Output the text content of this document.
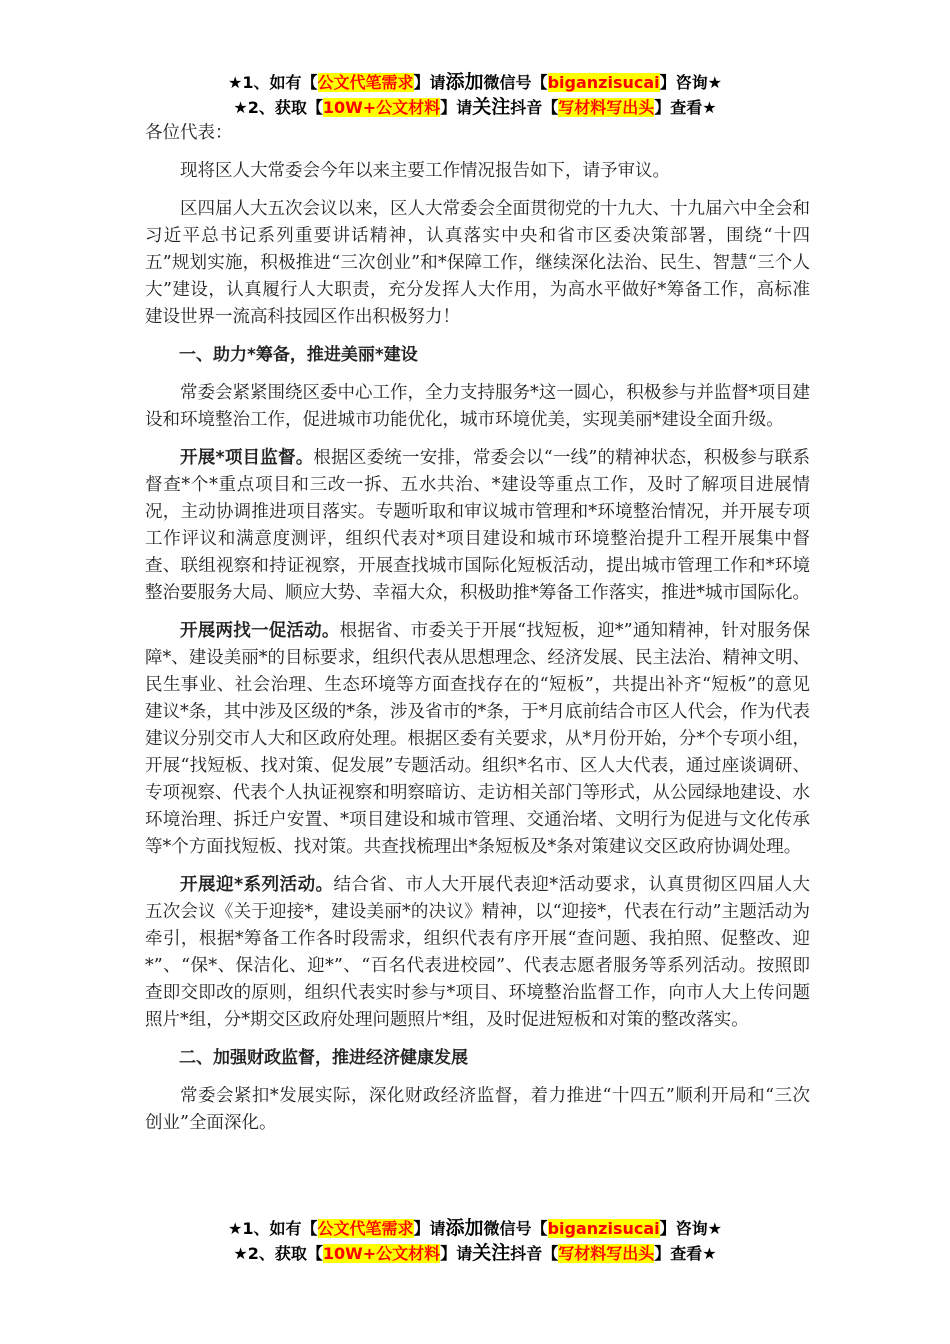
★1、如有【公文代笔需求】请添加微信号【biganzisucai】咨询★
★2、获取【10W+公文材料】请关注抖音【写材料写出头】查看★

各位代表：

现将区人大常委会今年以来主要工作情况报告如下，请予审议。

区四届人大五次会议以来，区人大常委会全面贯彻党的十九大、十九届六中全会和习近平总书记系列重要讲话精神，认真落实中央和省市区委决策部署，围绕“十四五”规划实施，积极推进“三次创业”和*保障工作，继续深化法治、民生、智慧“三个人大”建设，认真履行人大职责，充分发挥人大作用，为高水平做好*筹备工作，高标准建设世界一流高科技园区作出积极努力！

一、助力*筹备，推进美丽*建设

常委会紧紧围绕区委中心工作，全力支持服务*这一圆心，积极参与并监督*项目建设和环境整治工作，促进城市功能优化，城市环境优美，实现美丽*建设全面升级。

开展*项目监督。根据区委统一安排，常委会以“一线”的精神状态，积极参与联系督查*个*重点项目和三改一拆、五水共治、*建设等重点工作，及时了解项目进展情况，主动协调推进项目落实。专题听取和审议城市管理和*环境整治情况，并开展专项工作评议和满意度测评，组织代表对*项目建设和城市环境整治提升工程开展集中督查、联组视察和持证视察，开展查找城市国际化短板活动，提出城市管理工作和*环境整治要服务大局、顺应大势、幸福大众，积极助推*筹备工作落实，推进*城市国际化。

开展两找一促活动。根据省、市委关于开展“找短板，迎*”通知精神，针对服务保障*、建设美丽*的目标要求，组织代表从思想理念、经济发展、民主法治、精神文明、民生事业、社会治理、生态环境等方面查找存在的“短板”，共提出补齐“短板”的意见建议*条，其中涉及区级的*条，涉及省市的*条，于*月底前结合市区人代会，作为代表建议分别交市人大和区政府处理。根据区委有关要求，从*月份开始，分*个专项小组， 开展“找短板、找对策、促发展”专题活动。组织*名市、区人大代表，通过座谈调研、专项视察、代表个人执证视察和明察暗访、走访相关部门等形式，从公园绿地建设、水环境治理、拆迁户安置、*项目建设和城市管理、交通治堵、文明行为促进与文化传承等*个方面找短板、找对策。共查找梳理出*条短板及*条对策建议交区政府协调处理。

开展迎*系列活动。结合省、市人大开展代表迎*活动要求，认真贯彻区四届人大五次会议《关于迎接*，建设美丽*的决议》精神，以“迎接*，代表在行动”主题活动为牵引，根据*筹备工作各时段需求，组织代表有序开展“查问题、我拍照、促整改、迎*”、“保*、保洁化、迎*”、“百名代表进校园”、代表志愿者服务等系列活动。按照即查即交即改的原则，组织代表实时参与*项目、环境整治监督工作，向市人大上传问题照片*组，分*期交区政府处理问题照片*组，及时促进短板和对策的整改落实。

二、加强财政监督，推进经济健康发展

常委会紧扣*发展实际，深化财政经济监督，着力推进“十四五”顺利开局和“三次创业”全面深化。

★1、如有【公文代笔需求】请添加微信号【biganzisucai】咨询★
★2、获取【10W+公文材料】请关注抖音【写材料写出头】查看★
